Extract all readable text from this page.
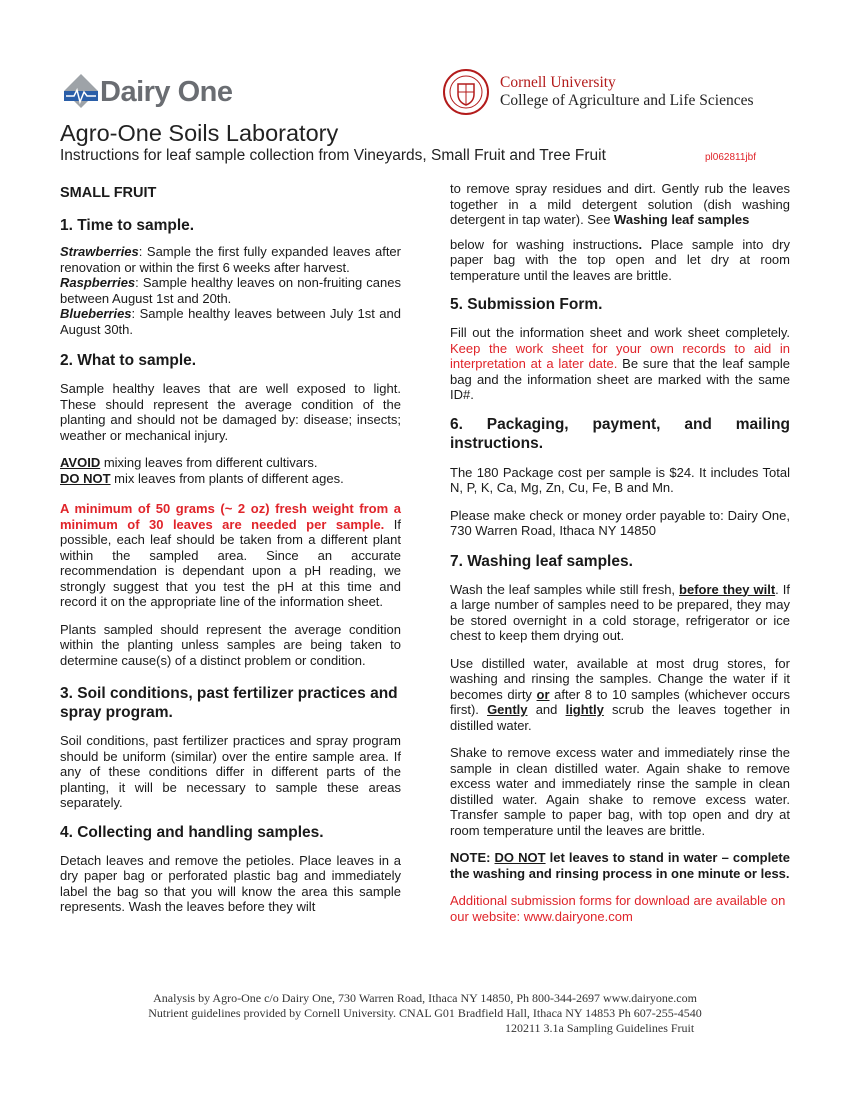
Dairy One	Cornell University
College of Agriculture and Life Sciences
Agro-One Soils Laboratory
Instructions for leaf sample collection from Vineyards, Small Fruit and Tree Fruit	pl062811jbf

SMALL FRUIT

1. Time to sample.

Strawberries: Sample the first fully expanded leaves after renovation or within the first 6 weeks after harvest.

Raspberries: Sample healthy leaves on non-fruiting canes between August 1st and 20th.

Blueberries: Sample healthy leaves between July 1st and August 30th.

2. What to sample.

Sample healthy leaves that are well exposed to light. These should represent the average condition of the planting and should not be damaged by: disease; insects; weather or mechanical injury.

AVOID mixing leaves from different cultivars.

DO NOT mix leaves from plants of different ages.

A minimum of 50 grams (~ 2 oz) fresh weight from a minimum of 30 leaves are needed per sample. If possible, each leaf should be taken from a different plant within the sampled area. Since an accurate recommendation is dependant upon a pH reading, we strongly suggest that you test the pH at this time and record it on the appropriate line of the information sheet.

Plants sampled should represent the average condition within the planting unless samples are being taken to determine cause(s) of a distinct problem or condition.

3. Soil conditions, past fertilizer practices and spray program.

Soil conditions, past fertilizer practices and spray program should be uniform (similar) over the entire sample area. If any of these conditions differ in different parts of the planting, it will be necessary to sample these areas separately.

4. Collecting and handling samples.

Detach leaves and remove the petioles. Place leaves in a dry paper bag or perforated plastic bag and immediately label the bag so that you will know the area this sample represents. Wash the leaves before they wilt

to remove spray residues and dirt. Gently rub the leaves together in a mild detergent solution (dish washing detergent in tap water). See Washing leaf samples

below for washing instructions. Place sample into dry paper bag with the top open and let dry at room temperature until the leaves are brittle.

5. Submission Form.

Fill out the information sheet and work sheet completely. Keep the work sheet for your own records to aid in interpretation at a later date. Be sure that the leaf sample bag and the information sheet are marked with the same ID#.

6. Packaging, payment, and mailing instructions.

The 180 Package cost per sample is $24. It includes Total N, P, K, Ca, Mg, Zn, Cu, Fe, B and Mn.

Please make check or money order payable to: Dairy One, 730 Warren Road, Ithaca NY 14850

7. Washing leaf samples.

Wash the leaf samples while still fresh, before they wilt. If a large number of samples need to be prepared, they may be stored overnight in a cold storage, refrigerator or ice chest to keep them drying out.

Use distilled water, available at most drug stores, for washing and rinsing the samples. Change the water if it becomes dirty or after 8 to 10 samples (whichever occurs first). Gently and lightly scrub the leaves together in distilled water.

Shake to remove excess water and immediately rinse the sample in clean distilled water. Again shake to remove excess water and immediately rinse the sample in clean distilled water. Again shake to remove excess water. Transfer sample to paper bag, with top open and dry at room temperature until the leaves are brittle.

NOTE: DO NOT let leaves to stand in water – complete the washing and rinsing process in one minute or less.

Additional submission forms for download are available on our website: www.dairyone.com

Analysis by Agro-One c/o Dairy One, 730 Warren Road, Ithaca NY 14850, Ph 800-344-2697 www.dairyone.com
Nutrient guidelines provided by Cornell University. CNAL G01 Bradfield Hall, Ithaca NY 14853 Ph 607-255-4540
120211 3.1a Sampling Guidelines Fruit
